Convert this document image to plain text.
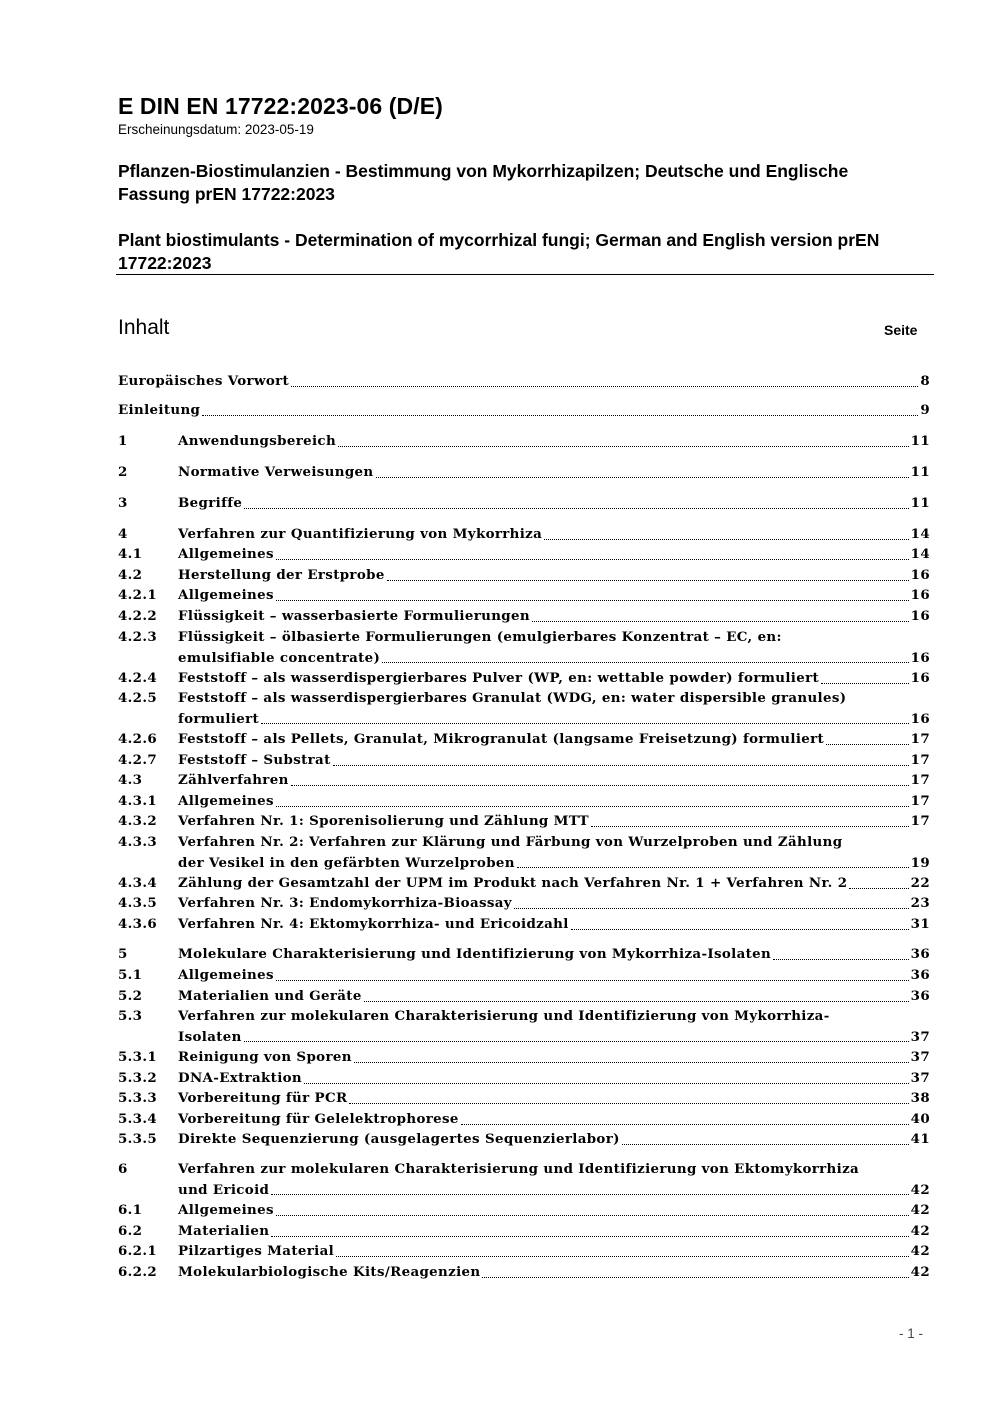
E DIN EN 17722:2023-06 (D/E)
Erscheinungsdatum: 2023-05-19
Pflanzen-Biostimulanzien - Bestimmung von Mykorrhizapilzen; Deutsche und Englische Fassung prEN 17722:2023
Plant biostimulants - Determination of mycorrhizal fungi; German and English version prEN 17722:2023
Inhalt	Seite
Europäisches Vorwort	8
Einleitung	9
1	Anwendungsbereich	11
2	Normative Verweisungen	11
3	Begriffe	11
4	Verfahren zur Quantifizierung von Mykorrhiza	14
4.1	Allgemeines	14
4.2	Herstellung der Erstprobe	16
4.2.1 Allgemeines	16
4.2.2 Flüssigkeit – wasserbasierte Formulierungen	16
4.2.3 Flüssigkeit – ölbasierte Formulierungen (emulgierbares Konzentrat – EC, en:
emulsifiable concentrate)	16
4.2.4 Feststoff – als wasserdispergierbares Pulver (WP, en: wettable powder) formuliert	16
4.2.5 Feststoff – als wasserdispergierbares Granulat (WDG, en: water dispersible granules)
formuliert	16
4.2.6 Feststoff – als Pellets, Granulat, Mikrogranulat (langsame Freisetzung) formuliert	17
4.2.7 Feststoff – Substrat	17
4.3	Zählverfahren	17
4.3.1 Allgemeines	17
4.3.2 Verfahren Nr. 1: Sporenisolierung und Zählung MTT	17
4.3.3 Verfahren Nr. 2: Verfahren zur Klärung und Färbung von Wurzelproben und Zählung
der Vesikel in den gefärbten Wurzelproben	19
4.3.4 Zählung der Gesamtzahl der UPM im Produkt nach Verfahren Nr. 1 + Verfahren Nr. 2	22
4.3.5 Verfahren Nr. 3: Endomykorrhiza-Bioassay	23
4.3.6 Verfahren Nr. 4: Ektomykorrhiza- und Ericoidzahl	31
5	Molekulare Charakterisierung und Identifizierung von Mykorrhiza-Isolaten	36
5.1	Allgemeines	36
5.2	Materialien und Geräte	36
5.3	Verfahren zur molekularen Charakterisierung und Identifizierung von Mykorrhiza-
Isolaten	37
5.3.1 Reinigung von Sporen	37
5.3.2 DNA-Extraktion	37
5.3.3 Vorbereitung für PCR	38
5.3.4 Vorbereitung für Gelelektrophorese	40
5.3.5 Direkte Sequenzierung (ausgelagertes Sequenzierlabor)	41
6	Verfahren zur molekularen Charakterisierung und Identifizierung von Ektomykorrhiza
und Ericoid	42
6.1	Allgemeines	42
6.2	Materialien	42
6.2.1 Pilzartiges Material	42
6.2.2 Molekularbiologische Kits/Reagenzien	42
- 1 -
